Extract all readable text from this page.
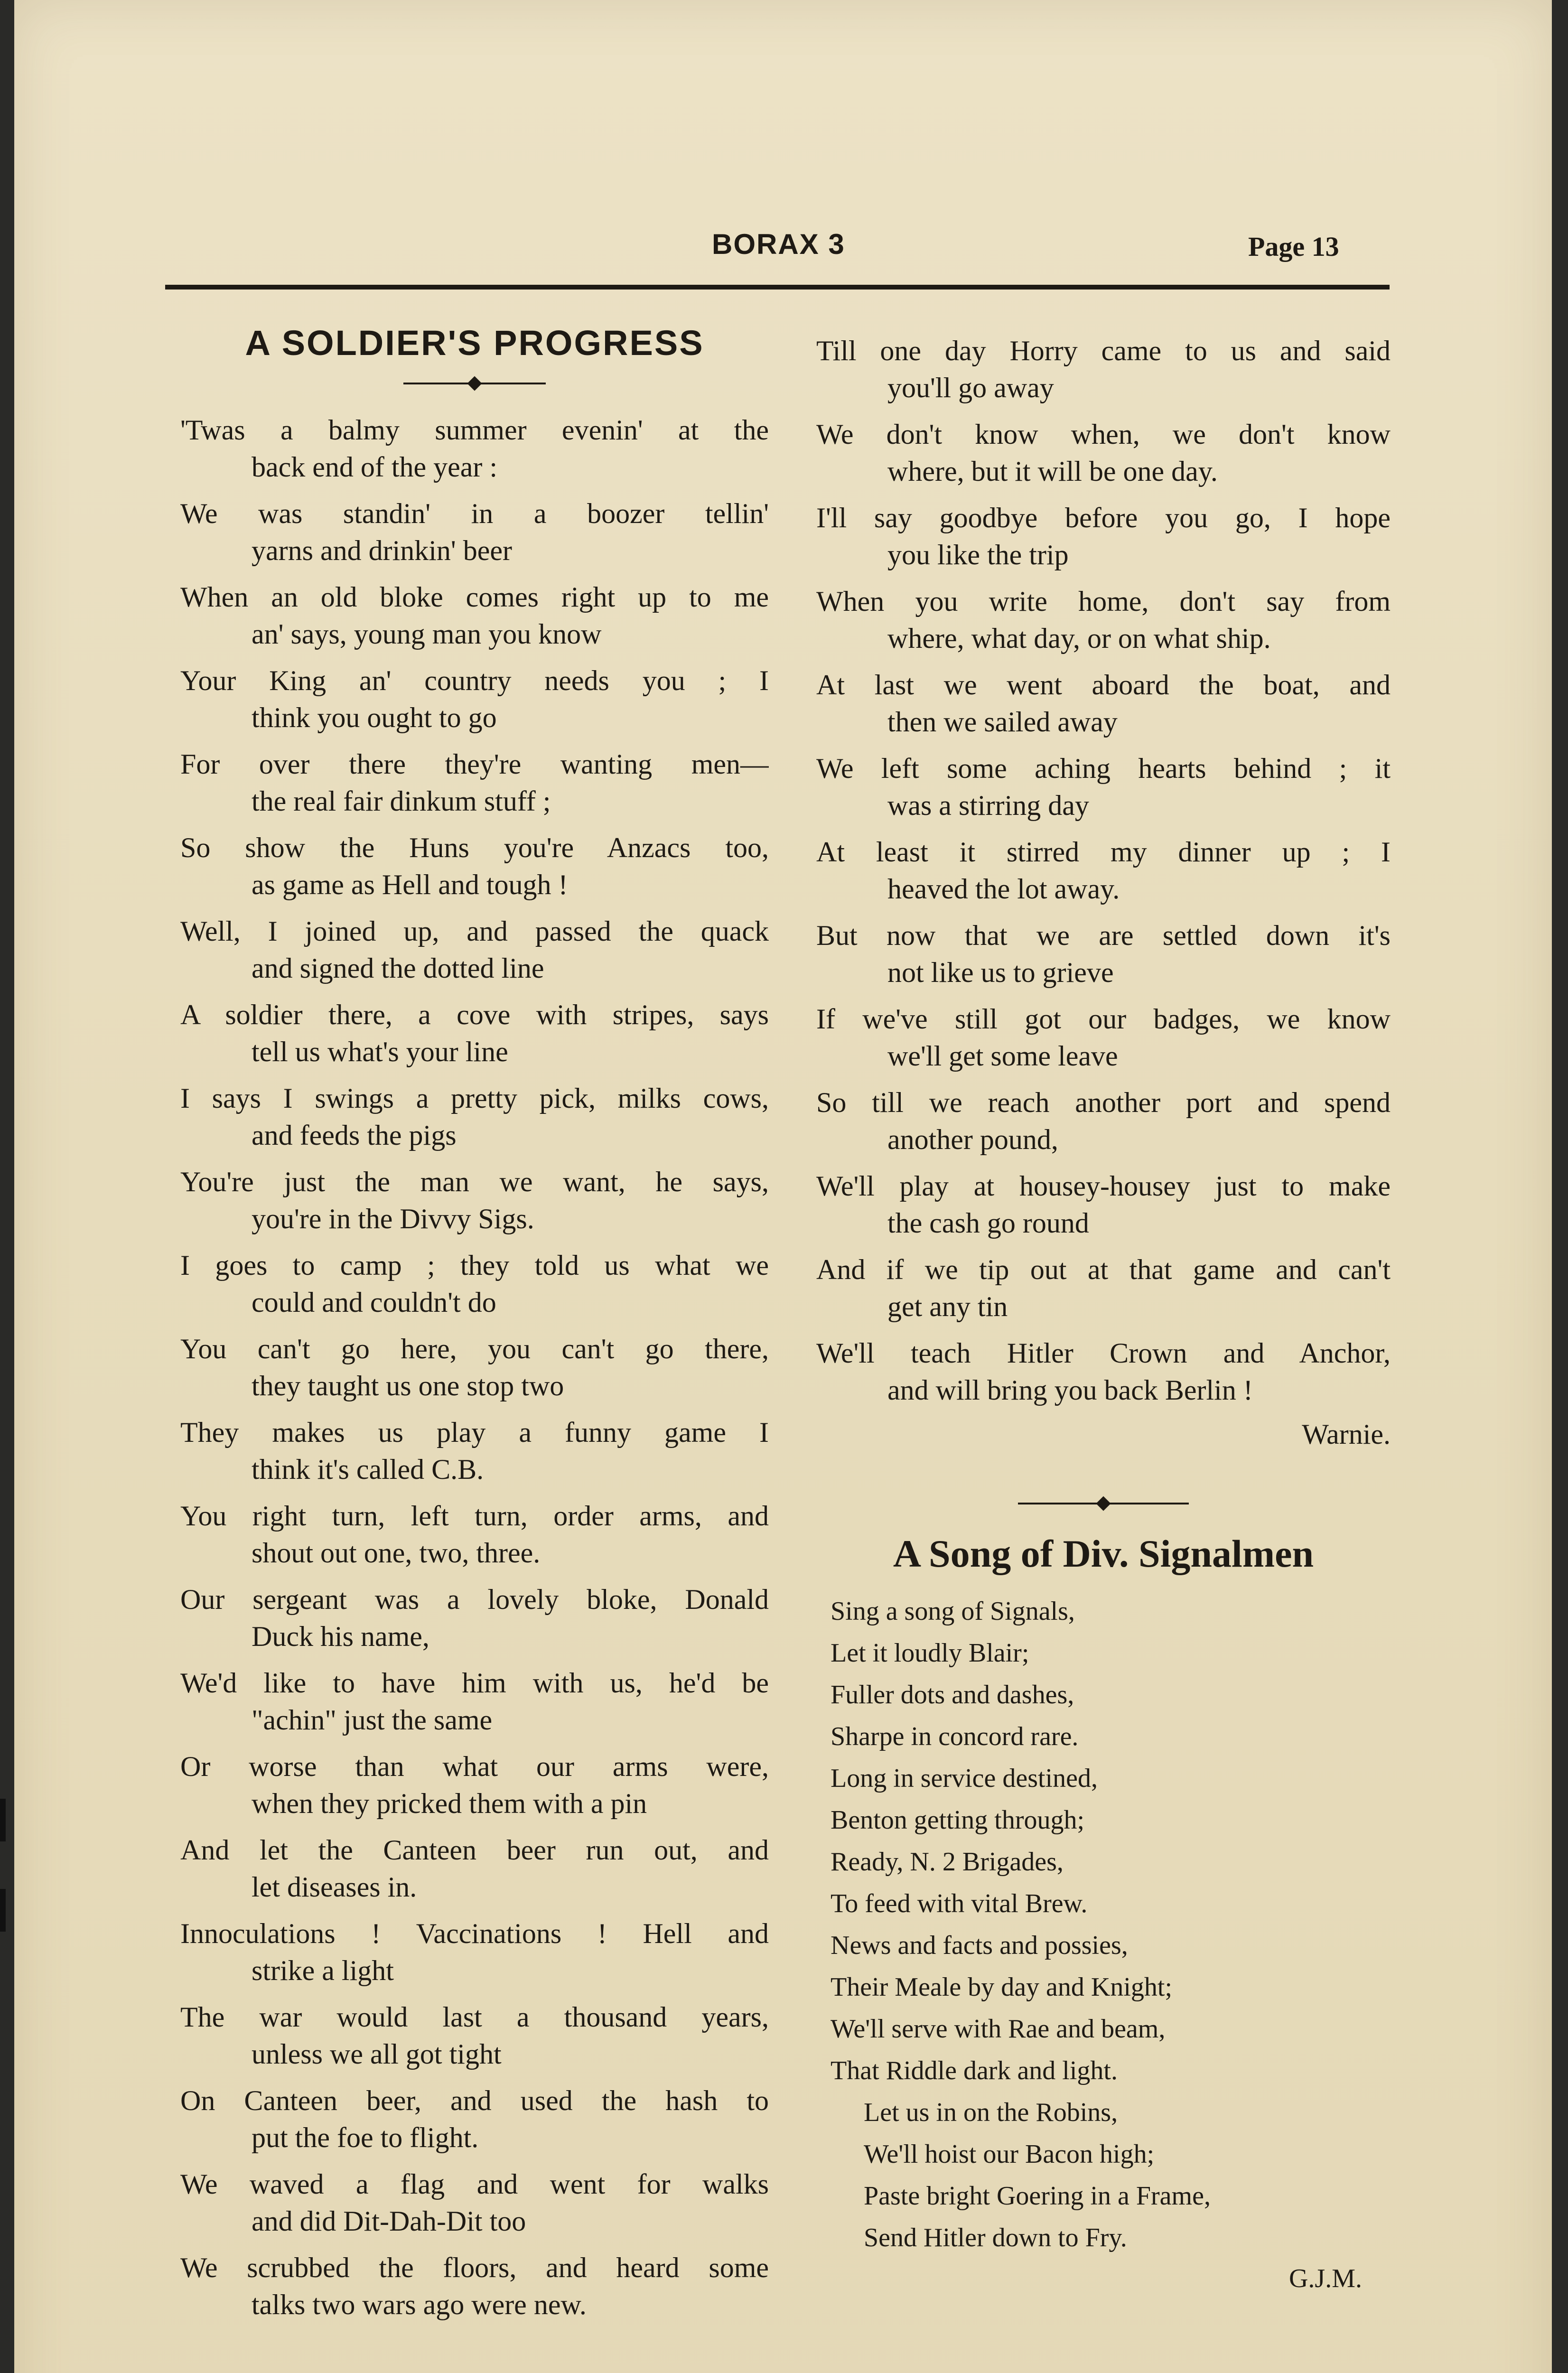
BORAX 3	Page 13
A SOLDIER'S PROGRESS
'Twas a balmy summer evenin' at the
back end of the year :
We was standin' in a boozer tellin'
yarns and drinkin' beer
When an old bloke comes right up to me
an' says, young man you know
Your King an' country needs you ; I
think you ought to go
For over there they're wanting men—
the real fair dinkum stuff ;
So show the Huns you're Anzacs too,
as game as Hell and tough !
Well, I joined up, and passed the quack
and signed the dotted line
A soldier there, a cove with stripes, says
tell us what's your line
I says I swings a pretty pick, milks cows,
and feeds the pigs
You're just the man we want, he says,
you're in the Divvy Sigs.
I goes to camp ; they told us what we
could and couldn't do
You can't go here, you can't go there,
they taught us one stop two
They makes us play a funny game I
think it's called C.B.
You right turn, left turn, order arms, and
shout out one, two, three.
Our sergeant was a lovely bloke, Donald
Duck his name,
We'd like to have him with us, he'd be
"achin" just the same
Or worse than what our arms were,
when they pricked them with a pin
And let the Canteen beer run out, and
let diseases in.
Innoculations ! Vaccinations ! Hell and
strike a light
The war would last a thousand years,
unless we all got tight
On Canteen beer, and used the hash to
put the foe to flight.
We waved a flag and went for walks
and did Dit-Dah-Dit too
We scrubbed the floors, and heard some
talks two wars ago were new.
Till one day Horry came to us and said
you'll go away
We don't know when, we don't know
where, but it will be one day.
I'll say goodbye before you go, I hope
you like the trip
When you write home, don't say from
where, what day, or on what ship.
At last we went aboard the boat, and
then we sailed away
We left some aching hearts behind ; it
was a stirring day
At least it stirred my dinner up ; I
heaved the lot away.
But now that we are settled down it's
not like us to grieve
If we've still got our badges, we know
we'll get some leave
So till we reach another port and spend
another pound,
We'll play at housey-housey just to make
the cash go round
And if we tip out at that game and can't
get any tin
We'll teach Hitler Crown and Anchor,
and will bring you back Berlin !
Warnie.
A Song of Div. Signalmen
Sing a song of Signals,
Let it loudly Blair;
Fuller dots and dashes,
Sharpe in concord rare.
Long in service destined,
Benton getting through;
Ready, N. 2 Brigades,
To feed with vital Brew.
News and facts and possies,
Their Meale by day and Knight;
We'll serve with Rae and beam,
That Riddle dark and light.
Let us in on the Robins,
We'll hoist our Bacon high;
Paste bright Goering in a Frame,
Send Hitler down to Fry.
G.J.M.
